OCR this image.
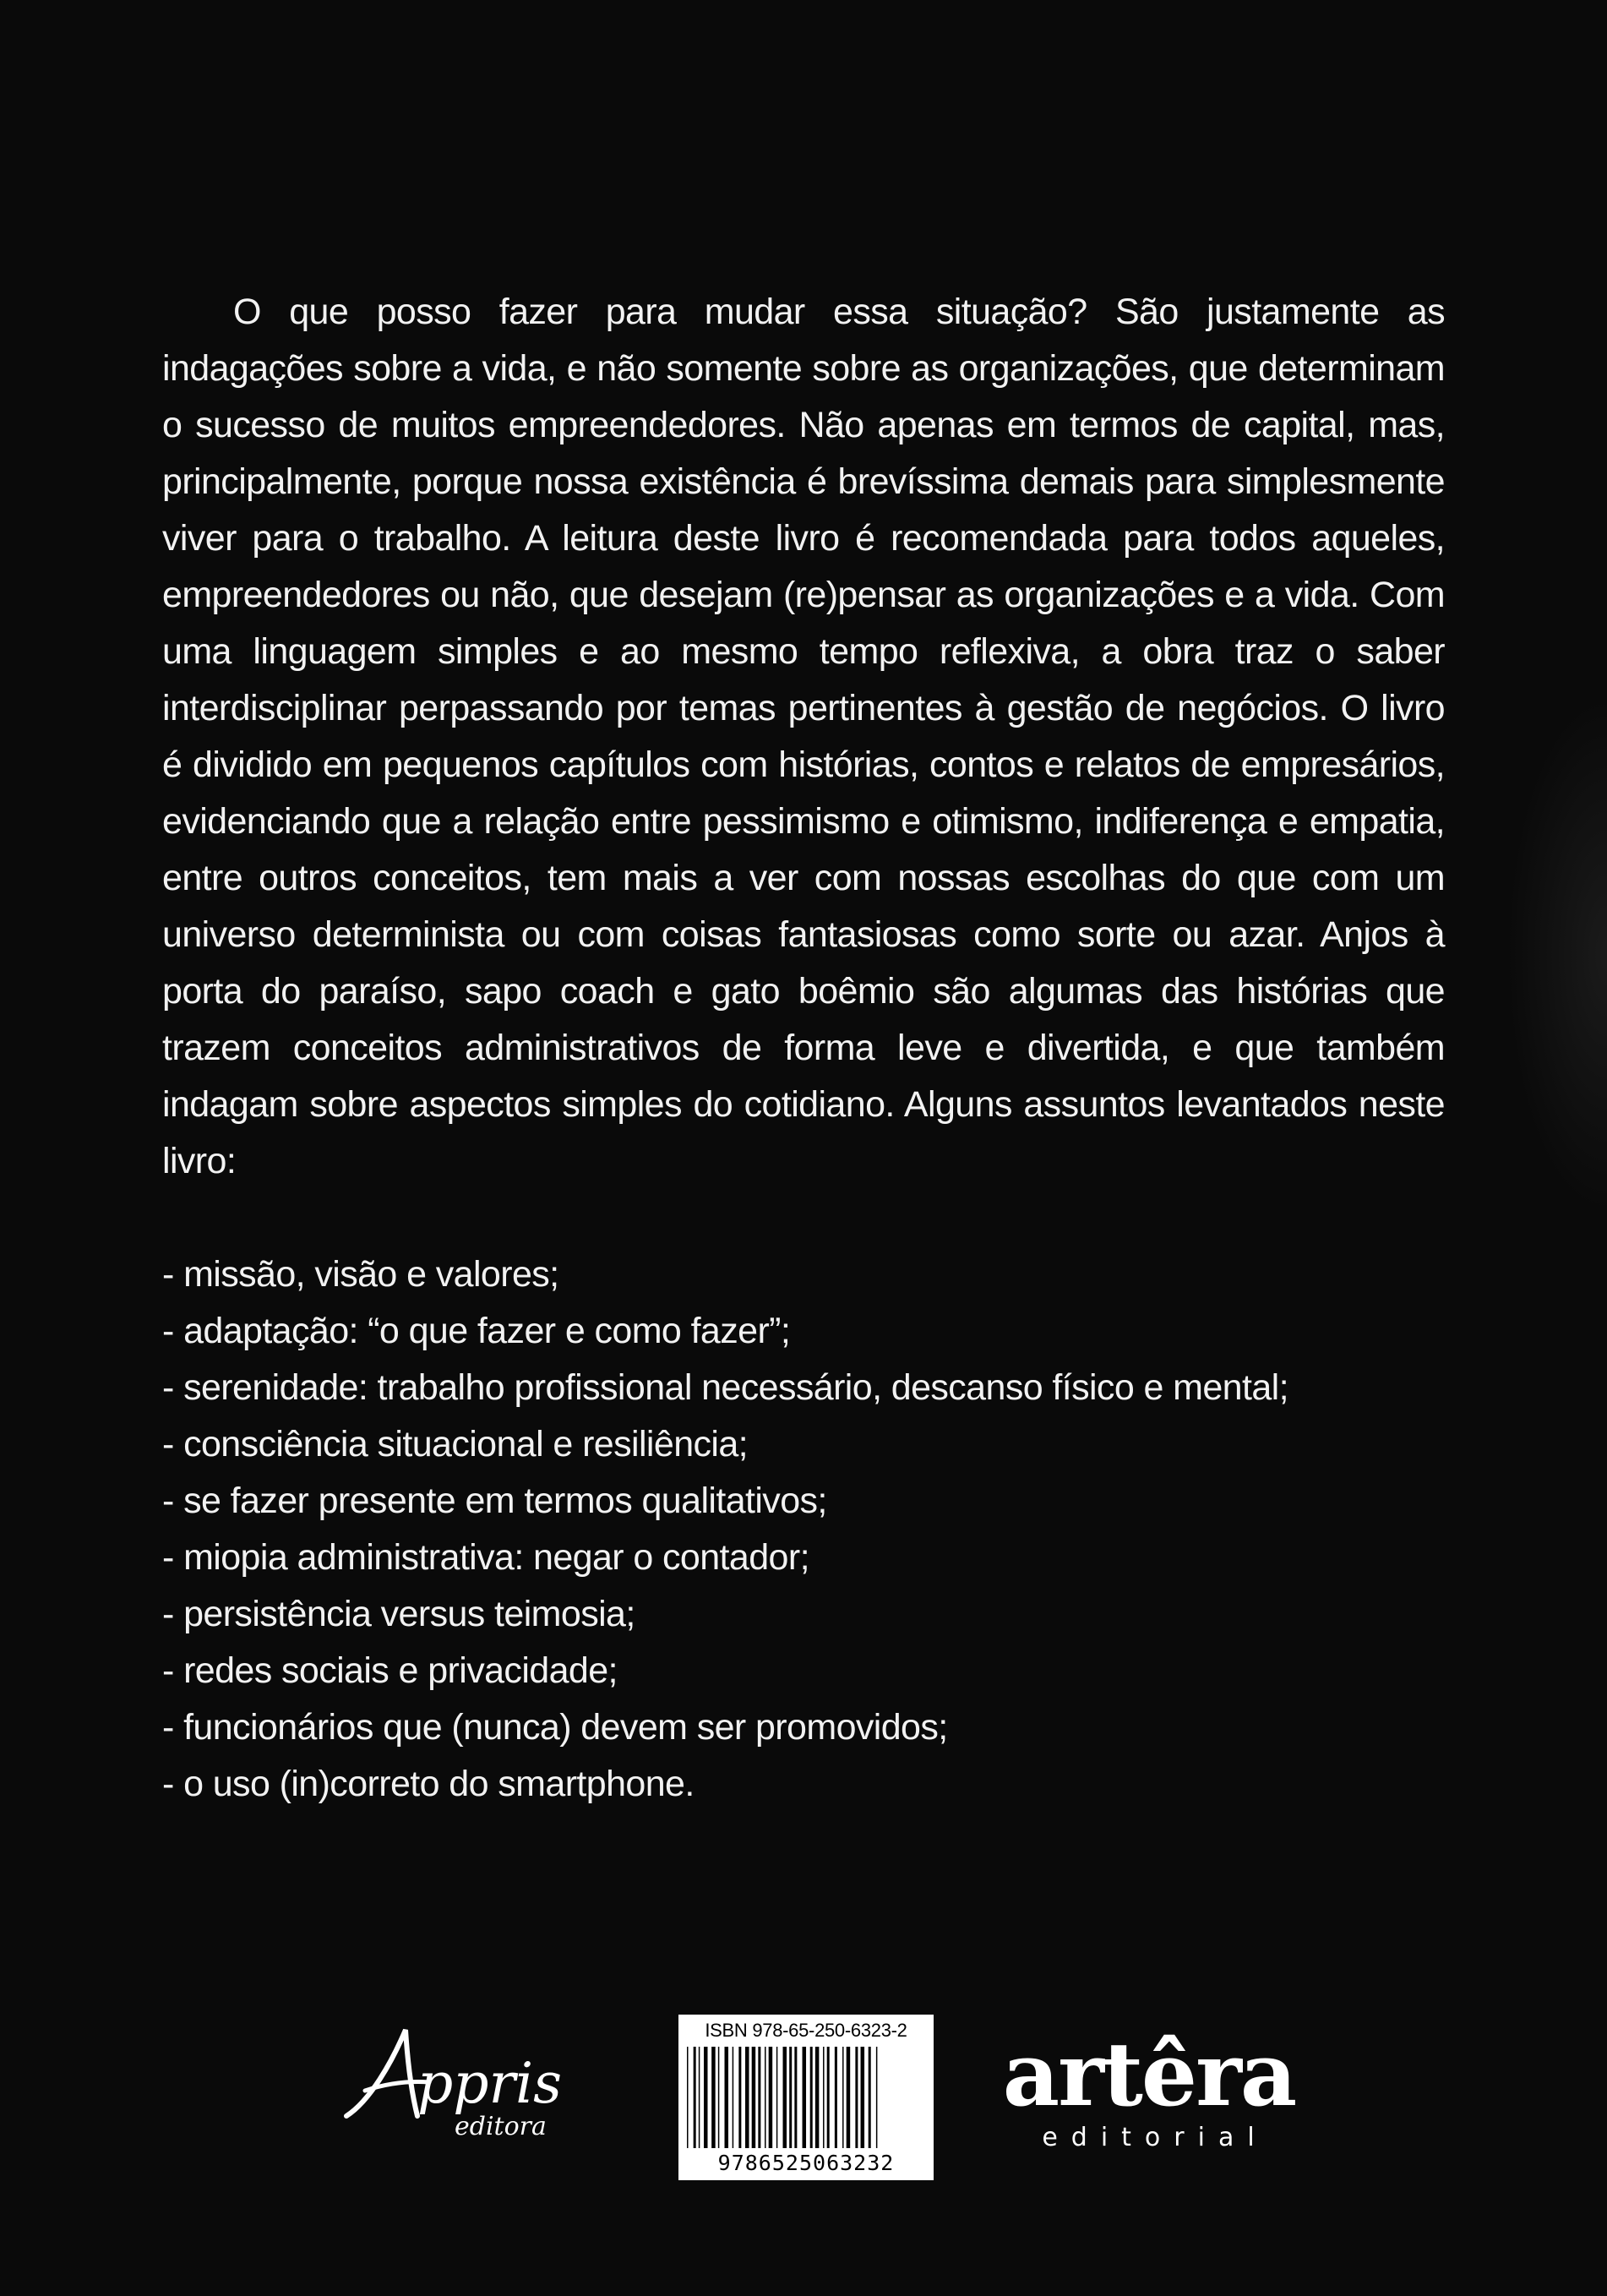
O que posso fazer para mudar essa situação? São justamente as indagações sobre a vida, e não somente sobre as organizações, que determinam o sucesso de muitos empreendedores. Não apenas em termos de capital, mas, principalmente, porque nossa existência é brevíssima demais para simplesmente viver para o trabalho. A leitura deste livro é recomendada para todos aqueles, empreendedores ou não, que desejam (re)pensar as organizações e a vida. Com uma linguagem simples e ao mesmo tempo reflexiva, a obra traz o saber interdisciplinar perpassando por temas pertinentes à gestão de negócios. O livro é dividido em pequenos capítulos com histórias, contos e relatos de empresários, evidenciando que a relação entre pessimismo e otimismo, indiferença e empatia, entre outros conceitos, tem mais a ver com nossas escolhas do que com um universo determinista ou com coisas fantasiosas como sorte ou azar. Anjos à porta do paraíso, sapo coach e gato boêmio são algumas das histórias que trazem conceitos administrativos de forma leve e divertida, e que também indagam sobre aspectos simples do cotidiano. Alguns assuntos levantados neste livro:

- missão, visão e valores;
- adaptação: “o que fazer e como fazer”;
- serenidade: trabalho profissional necessário, descanso físico e mental;
- consciência situacional e resiliência;
- se fazer presente em termos qualitativos;
- miopia administrativa: negar o contador;
- persistência versus teimosia;
- redes sociais e privacidade;
- funcionários que (nunca) devem ser promovidos;
- o uso (in)correto do smartphone.
ppris
editora
ISBN 978-65-250-6323-2
9786525063232
artêra
editorial
